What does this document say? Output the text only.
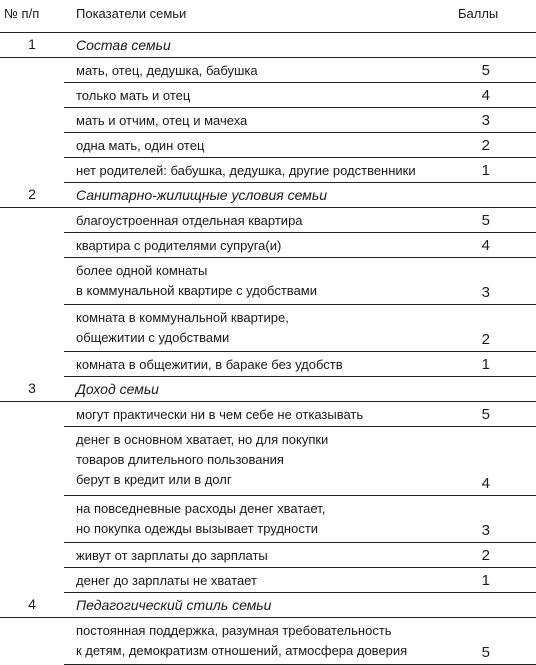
№ п/п	Показатели семьи	Баллы
1	Состав семьи
мать, отец, дедушка, бабушка	5
только мать и отец	4
мать и отчим, отец и мачеха	3
одна мать, один отец	2
нет родителей: бабушка, дедушка, другие родственники	1
2	Санитарно-жилищные условия семьи
благоустроенная отдельная квартира	5
квартира с родителями супруга(и)	4
более одной комнаты
в коммунальной квартире с удобствами	3
комната в коммунальной квартире,
общежитии с удобствами	2
комната в общежитии, в бараке без удобств	1
3	Доход семьи
могут практически ни в чем себе не отказывать	5
денег в основном хватает, но для покупки
товаров длительного пользования
берут в кредит или в долг	4
на повседневные расходы денег хватает,
но покупка одежды вызывает трудности	3
живут от зарплаты до зарплаты	2
денег до зарплаты не хватает	1
4	Педагогический стиль семьи
постоянная поддержка, разумная требовательность
к детям, демократизм отношений, атмосфера доверия	5
